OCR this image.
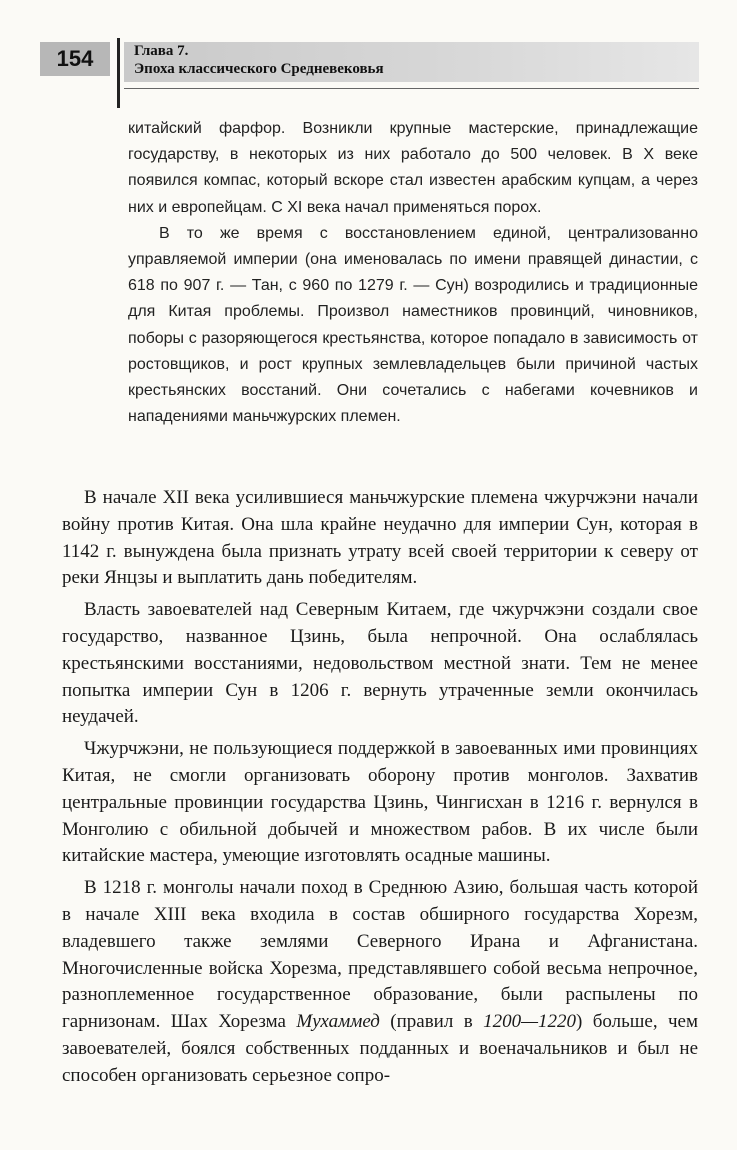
154	Глава 7.
Эпоха классического Средневековья

китайский фарфор. Возникли крупные мастерские, принадлежащие государству, в некоторых из них работало до 500 человек. В X веке появился компас, который вскоре стал известен арабским купцам, а через них и европейцам. С XI века начал применяться порох.

В то же время с восстановлением единой, централизованно управляемой империи (она именовалась по имени правящей династии, с 618 по 907 г. — Тан, с 960 по 1279 г. — Сун) возродились и традиционные для Китая проблемы. Произвол наместников провинций, чиновников, поборы с разоряющегося крестьянства, которое попадало в зависимость от ростовщиков, и рост крупных землевладельцев были причиной частых крестьянских восстаний. Они сочетались с набегами кочевников и нападениями маньчжурских племен.

В начале XII века усилившиеся маньчжурские племена чжурчжэни начали войну против Китая. Она шла крайне неудачно для империи Сун, которая в 1142 г. вынуждена была признать утрату всей своей территории к северу от реки Янцзы и выплатить дань победителям.

Власть завоевателей над Северным Китаем, где чжурчжэни создали свое государство, названное Цзинь, была непрочной. Она ослаблялась крестьянскими восстаниями, недовольством местной знати. Тем не менее попытка империи Сун в 1206 г. вернуть утраченные земли окончилась неудачей.

Чжурчжэни, не пользующиеся поддержкой в завоеванных ими провинциях Китая, не смогли организовать оборону против монголов. Захватив центральные провинции государства Цзинь, Чингисхан в 1216 г. вернулся в Монголию с обильной добычей и множеством рабов. В их числе были китайские мастера, умеющие изготовлять осадные машины.

В 1218 г. монголы начали поход в Среднюю Азию, большая часть которой в начале XIII века входила в состав обширного государства Хорезм, владевшего также землями Северного Ирана и Афганистана. Многочисленные войска Хорезма, представлявшего собой весьма непрочное, разноплеменное государственное образование, были распылены по гарнизонам. Шах Хорезма Мухаммед (правил в 1200—1220) больше, чем завоевателей, боялся собственных подданных и военачальников и был не способен организовать серьезное сопро-
